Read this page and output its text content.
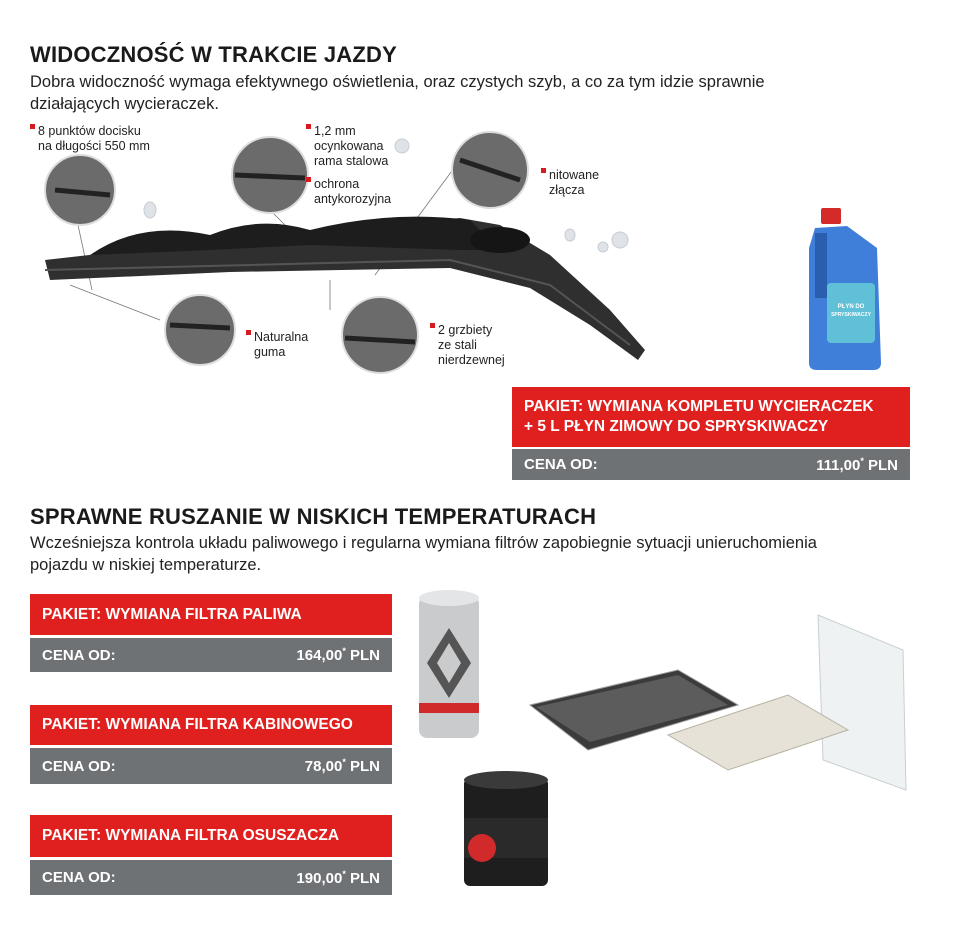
WIDOCZNOŚĆ W TRAKCIE JAZDY

Dobra widoczność wymaga efektywnego oświetlenia, oraz czystych szyb, a co za tym idzie sprawnie

działających wycieraczek.

8 punktów docisku
na długości 550 mm
1,2 mm
ocynkowana
rama stalowa
ochrona
antykorozyjna
nitowane
złącza
Naturalna
guma
2 grzbiety
ze stali
nierdzewnej
PŁYN DO
SPRYSKIWACZY
PAKIET: WYMIANA KOMPLETU WYCIERACZEK
+ 5 L PŁYN ZIMOWY DO SPRYSKIWACZY
CENA OD:	111,00* PLN
SPRAWNE RUSZANIE W NISKICH TEMPERATURACH

Wcześniejsza kontrola układu paliwowego i regularna wymiana filtrów zapobiegnie sytuacji unieruchomienia

pojazdu w niskiej temperaturze.

PAKIET: WYMIANA FILTRA PALIWA
CENA OD:	164,00* PLN
PAKIET: WYMIANA FILTRA KABINOWEGO
CENA OD:	78,00* PLN
PAKIET: WYMIANA FILTRA OSUSZACZA
CENA OD:	190,00* PLN
